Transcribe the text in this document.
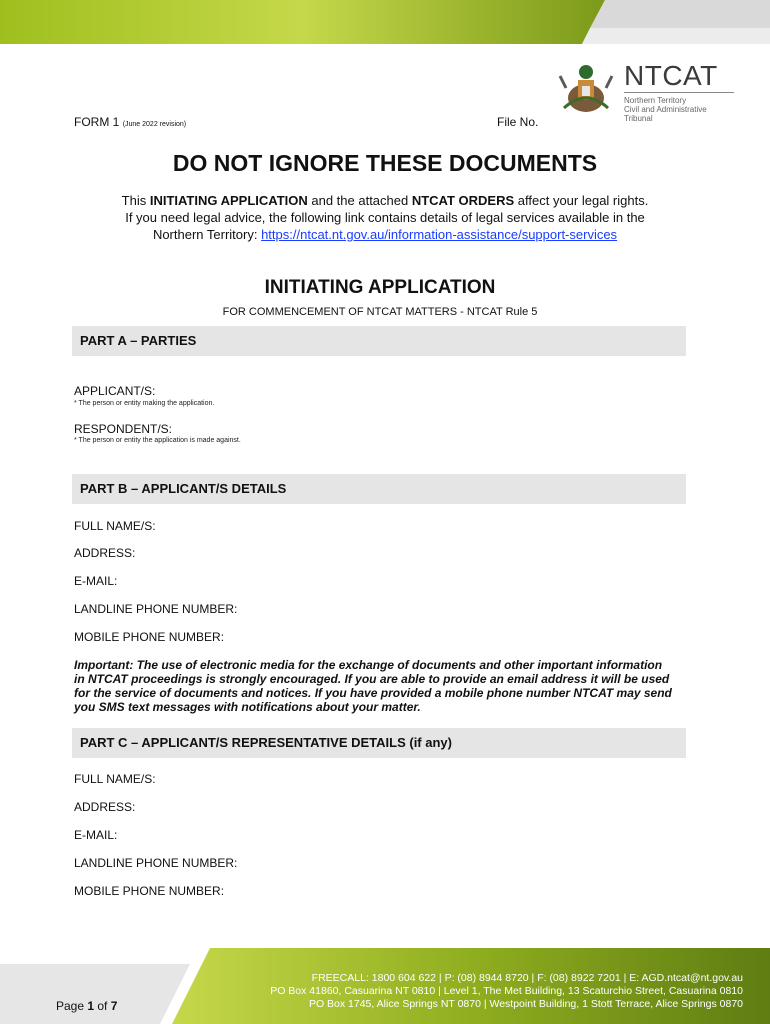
NTCAT
Northern Territory
Civil and Administrative Tribunal
FORM 1 (June 2022 revision)	File No.
DO NOT IGNORE THESE DOCUMENTS
This INITIATING APPLICATION and the attached NTCAT ORDERS affect your legal rights.
If you need legal advice, the following link contains details of legal services available in the
Northern Territory: https://ntcat.nt.gov.au/information-assistance/support-services
INITIATING APPLICATION
FOR COMMENCEMENT OF NTCAT MATTERS - NTCAT Rule 5
PART A – PARTIES
APPLICANT/S:
* The person or entity making the application.
RESPONDENT/S:
* The person or entity the application is made against.
PART B – APPLICANT/S DETAILS
FULL NAME/S:
ADDRESS:
E-MAIL:
LANDLINE PHONE NUMBER:
MOBILE PHONE NUMBER:
Important: The use of electronic media for the exchange of documents and other important information in NTCAT proceedings is strongly encouraged. If you are able to provide an email address it will be used for the service of documents and notices. If you have provided a mobile phone number NTCAT may send you SMS text messages with notifications about your matter.
PART C – APPLICANT/S REPRESENTATIVE DETAILS (if any)
FULL NAME/S:
ADDRESS:
E-MAIL:
LANDLINE PHONE NUMBER:
MOBILE PHONE NUMBER:
FREECALL: 1800 604 622 | P: (08) 8944 8720 | F: (08) 8922 7201 | E: AGD.ntcat@nt.gov.au
PO Box 41860, Casuarina NT 0810 | Level 1, The Met Building, 13 Scaturchio Street, Casuarina 0810
PO Box 1745, Alice Springs NT 0870 | Westpoint Building, 1 Stott Terrace, Alice Springs 0870
Page 1 of 7
